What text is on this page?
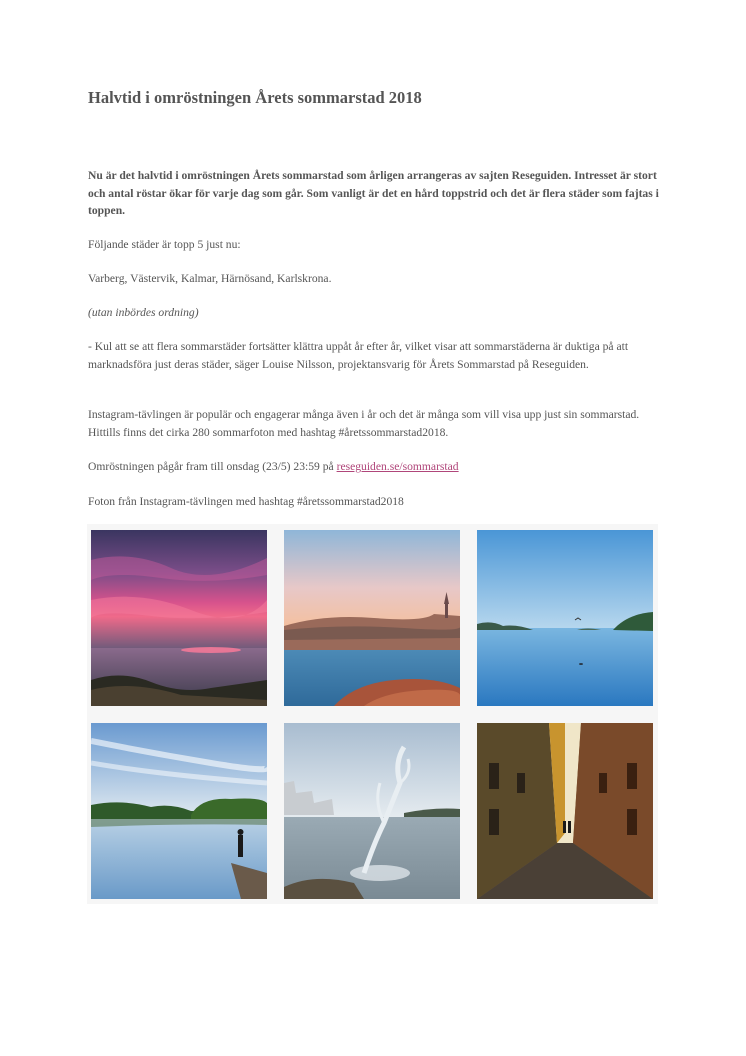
Halvtid i omröstningen Årets sommarstad 2018

Nu är det halvtid i omröstningen Årets sommarstad som årligen arrangeras av sajten Reseguiden. Intresset är stort och antal röstar ökar för varje dag som går. Som vanligt är det en hård toppstrid och det är flera städer som fajtas i toppen.

Följande städer är topp 5 just nu:

Varberg, Västervik, Kalmar, Härnösand, Karlskrona.

(utan inbördes ordning)

- Kul att se att flera sommarstäder fortsätter klättra uppåt år efter år, vilket visar att sommarstäderna är duktiga på att marknadsföra just deras städer, säger Louise Nilsson, projektansvarig för Årets Sommarstad på Reseguiden.

Instagram-tävlingen är populär och engagerar många även i år och det är många som vill visa upp just sin sommarstad. Hittills finns det cirka 280 sommarfoton med hashtag #åretssommarstad2018.

Omröstningen pågår fram till onsdag (23/5) 23:59 på reseguiden.se/sommarstad

Foton från Instagram-tävlingen med hashtag #åretssommarstad2018
